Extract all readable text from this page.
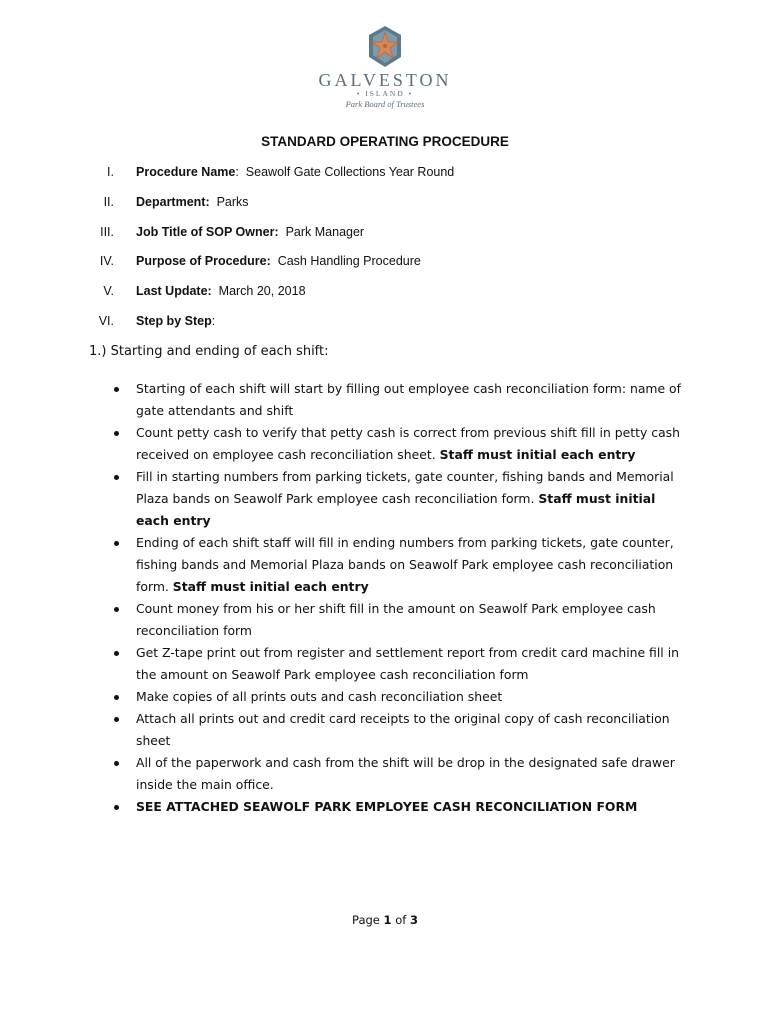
GALVESTON
• ISLAND •
Park Board of Trustees
STANDARD OPERATING PROCEDURE
I. Procedure Name: Seawolf Gate Collections Year Round
II. Department: Parks
III. Job Title of SOP Owner: Park Manager
IV. Purpose of Procedure: Cash Handling Procedure
V. Last Update: March 20, 2018
VI. Step by Step:
1.) Starting and ending of each shift:
Starting of each shift will start by filling out employee cash reconciliation form: name of gate attendants and shift
Count petty cash to verify that petty cash is correct from previous shift fill in petty cash received on employee cash reconciliation sheet. Staff must initial each entry
Fill in starting numbers from parking tickets, gate counter, fishing bands and Memorial Plaza bands on Seawolf Park employee cash reconciliation form. Staff must initial each entry
Ending of each shift staff will fill in ending numbers from parking tickets, gate counter, fishing bands and Memorial Plaza bands on Seawolf Park employee cash reconciliation form. Staff must initial each entry
Count money from his or her shift fill in the amount on Seawolf Park employee cash reconciliation form
Get Z-tape print out from register and settlement report from credit card machine fill in the amount on Seawolf Park employee cash reconciliation form
Make copies of all prints outs and cash reconciliation sheet
Attach all prints out and credit card receipts to the original copy of cash reconciliation sheet
All of the paperwork and cash from the shift will be drop in the designated safe drawer inside the main office.
SEE ATTACHED SEAWOLF PARK EMPLOYEE CASH RECONCILIATION FORM
Page 1 of 3
